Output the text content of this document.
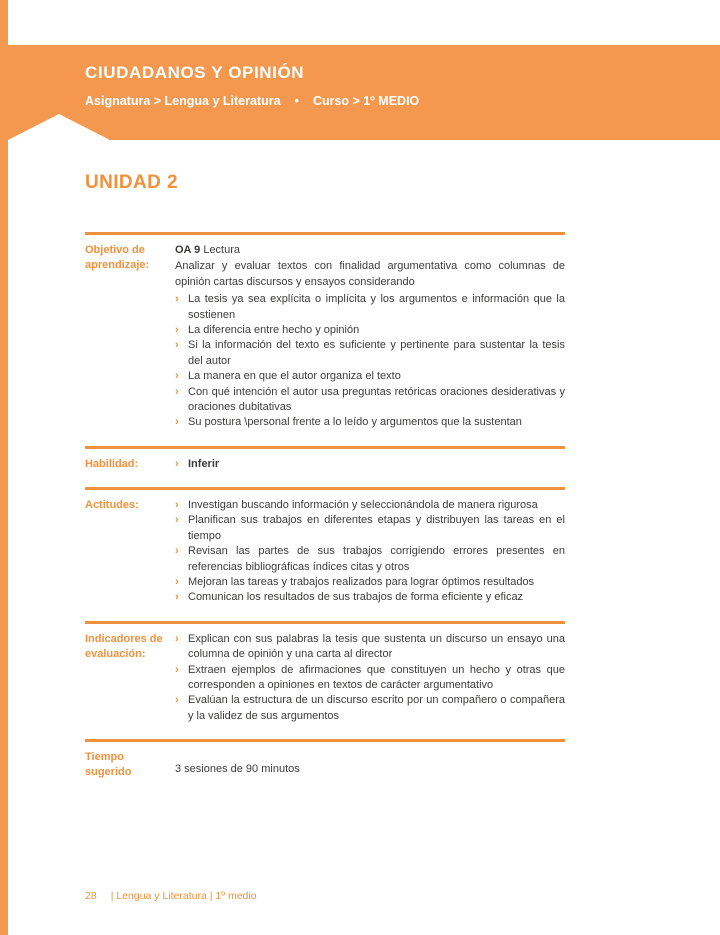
CIUDADANOS Y OPINIÓN
Asignatura > Lengua y Literatura • Curso > 1º MEDIO
UNIDAD 2
Objetivo de aprendizaje:

OA 9 Lectura

Analizar y evaluar textos con finalidad argumentativa como columnas de opinión cartas discursos y ensayos considerando

› La tesis ya sea explícita o implícita y los argumentos e información que la sostienen
› La diferencia entre hecho y opinión
› Si la información del texto es suficiente y pertinente para sustentar la tesis del autor
› La manera en que el autor organiza el texto
› Con qué intención el autor usa preguntas retóricas oraciones desiderativas y oraciones dubitativas
› Su postura \personal frente a lo leído y argumentos que la sustentan
Habilidad:	› Inferir
Actitudes:	› Investigan buscando información y seleccionándola de manera rigurosa
› Planifican sus trabajos en diferentes etapas y distribuyen las tareas en el tiempo
› Revisan las partes de sus trabajos corrigiendo errores presentes en referencias bibliográficas índices citas y otros
› Mejoran las tareas y trabajos realizados para lograr óptimos resultados
› Comunican los resultados de sus trabajos de forma eficiente y eficaz
Indicadores de evaluación:
› Explican con sus palabras la tesis que sustenta un discurso un ensayo una columna de opinión y una carta al director
› Extraen ejemplos de afirmaciones que constituyen un hecho y otras que corresponden a opiniones en textos de carácter argumentativo
› Evalúan la estructura de un discurso escrito por un compañero o compañera y la validez de sus argumentos
Tiempo sugerido	3 sesiones de 90 minutos

28 | Lengua y Literatura | 1º medio
